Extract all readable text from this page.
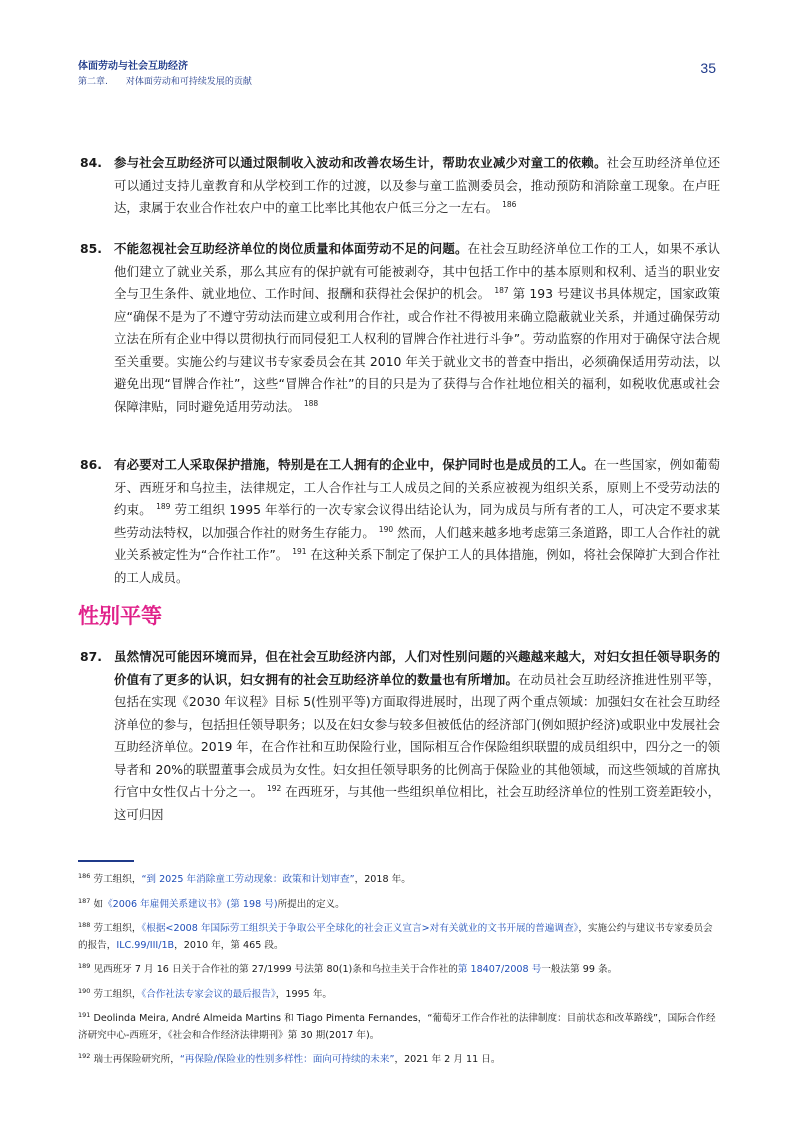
体面劳动与社会互助经济
第二章. 对体面劳动和可持续发展的贡献
35
84. 参与社会互助经济可以通过限制收入波动和改善农场生计，帮助农业减少对童工的依赖。社会互助经济单位还可以通过支持儿童教育和从学校到工作的过渡，以及参与童工监测委员会，推动预防和消除童工现象。在卢旺达，隶属于农业合作社农户中的童工比率比其他农户低三分之一左右。 $^{186}$
85. 不能忽视社会互助经济单位的岗位质量和体面劳动不足的问题。在社会互助经济单位工作的工人，如果不承认他们建立了就业关系，那么其应有的保护就有可能被剥夺，其中包括工作中的基本原则和权利、适当的职业安全与卫生条件、就业地位、工作时间、报酬和获得社会保护的机会。 $^{187}$ 第 193 号建议书具体规定，国家政策应“确保不是为了不遵守劳动法而建立或利用合作社，或合作社不得被用来确立隐蔽就业关系，并通过确保劳动立法在所有企业中得以贯彻执行而同侵犯工人权利的冒牌合作社进行斗争”。劳动监察的作用对于确保守法合规至关重要。实施公约与建议书专家委员会在其 2010 年关于就业文书的普查中指出，必须确保适用劳动法，以避免出现“冒牌合作社”，这些“冒牌合作社”的目的只是为了获得与合作社地位相关的福利，如税收优惠或社会保障津贴，同时避免适用劳动法。 $^{188}$
86. 有必要对工人采取保护措施，特别是在工人拥有的企业中，保护同时也是成员的工人。在一些国家，例如葡萄牙、西班牙和乌拉圭，法律规定，工人合作社与工人成员之间的关系应被视为组织关系，原则上不受劳动法的约束。 $^{189}$ 劳工组织 1995 年举行的一次专家会议得出结论认为，同为成员与所有者的工人，可决定不要求某些劳动法特权，以加强合作社的财务生存能力。 $^{190}$ 然而，人们越来越多地考虑第三条道路，即工人合作社的就业关系被定性为“合作社工作”。 $^{191}$ 在这种关系下制定了保护工人的具体措施，例如，将社会保障扩大到合作社的工人成员。
性别平等
87. 虽然情况可能因环境而异，但在社会互助经济内部，人们对性别问题的兴趣越来越大，对妇女担任领导职务的价值有了更多的认识，妇女拥有的社会互助经济单位的数量也有所增加。在动员社会互助经济推进性别平等，包括在实现《2030 年议程》目标 5(性别平等)方面取得进展时，出现了两个重点领域：加强妇女在社会互助经济单位的参与，包括担任领导职务；以及在妇女参与较多但被低估的经济部门(例如照护经济)或职业中发展社会互助经济单位。2019 年，在合作社和互助保险行业，国际相互合作保险组织联盟的成员组织中，四分之一的领导者和 20%的联盟董事会成员为女性。妇女担任领导职务的比例高于保险业的其他领域，而这些领域的首席执行官中女性仅占十分之一。 $^{192}$ 在西班牙，与其他一些组织单位相比，社会互助经济单位的性别工资差距较小，这可归因
$^{186}$ 劳工组织，“到 2025 年消除童工劳动现象：政策和计划审查”，2018 年。
$^{187}$ 如《2006 年雇佣关系建议书》(第 198 号)所提出的定义。
$^{188}$ 劳工组织，《根据<2008 年国际劳工组织关于争取公平全球化的社会正义宣言>对有关就业的文书开展的普遍调查》，实施公约与建议书专家委员会的报告，ILC.99/III/1B，2010 年，第 465 段。
$^{189}$ 见西班牙 7 月 16 日关于合作社的第 27/1999 号法第 80(1)条和乌拉圭关于合作社的第 18407/2008 号一般法第 99 条。
$^{190}$ 劳工组织，《合作社法专家会议的最后报告》，1995 年。
$^{191}$ Deolinda Meira, André Almeida Martins 和 Tiago Pimenta Fernandes，“葡萄牙工作合作社的法律制度：目前状态和改革路线”，国际合作经济研究中心-西班牙，《社会和合作经济法律期刊》第 30 期(2017 年)。
$^{192}$ 瑞士再保险研究所，“再保险/保险业的性别多样性：面向可持续的未来”，2021 年 2 月 11 日。
